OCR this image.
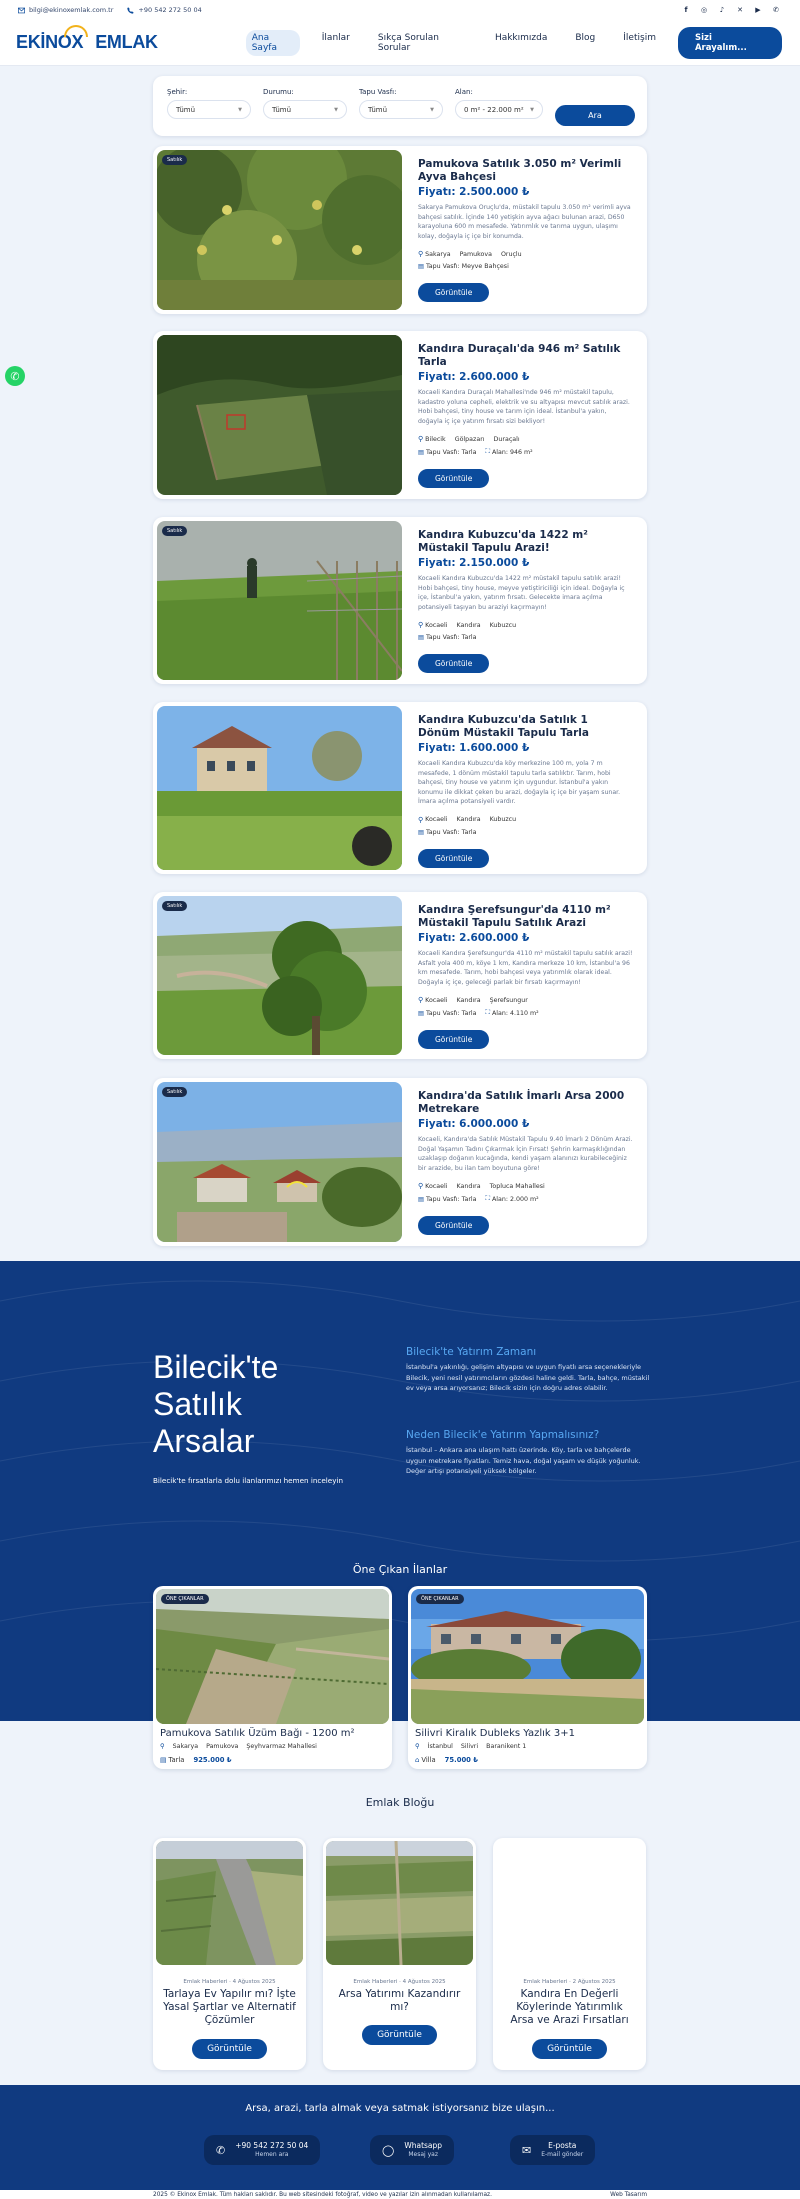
bilgi@ekinoxemlak.com.tr	+90 542 272 50 04	f	◎	♪	✕	▶	✆
EKİNOX EMLAK	Ana Sayfa
İlanlar	Sıkça Sorulan Sorular
Hakkımızda	Blog	İletişim	Sizi Arayalım...
Şehir:
Tümü	▼
Durumu:
Tümü	▼
Tapu Vasfı:
Tümü	▼
Alan:
0 m² - 22.000 m² ▼
Ara
Satılık	Pamukova Satılık 3.050 m² Verimli Ayva Bahçesi
Fiyatı: 2.500.000 ₺
Sakarya Pamukova Oruçlu'da, müstakil tapulu 3.050 m² verimli ayva bahçesi satılık. İçinde 140 yetişkin ayva ağacı bulunan arazi, D650 karayoluna 600 m mesafede. Yatırımlık ve tarıma uygun, ulaşımı kolay, doğayla iç içe bir konumda.
⚲ Sakarya Pamukova Oruçlu
▤ Tapu Vasfı: Meyve Bahçesi
Görüntüle
Kandıra Duraçalı'da 946 m² Satılık Tarla
Fiyatı: 2.600.000 ₺
Kocaeli Kandıra Duraçalı Mahallesi'nde 946 m² müstakil tapulu, kadastro yoluna cepheli, elektrik ve su altyapısı mevcut satılık arazi. Hobi bahçesi, tiny house ve tarım için ideal. İstanbul'a yakın, doğayla iç içe yatırım fırsatı sizi bekliyor!
⚲ Bilecik Gölpazarı Duraçalı
▤ Tapu Vasfı: Tarla ⛶ Alan: 946 m²
Görüntüle
Satılık	Kandıra Kubuzcu'da 1422 m² Müstakil Tapulu Arazi!
Fiyatı: 2.150.000 ₺
Kocaeli Kandıra Kubuzcu'da 1422 m² müstakil tapulu satılık arazi! Hobi bahçesi, tiny house, meyve yetiştiriciliği için ideal. Doğayla iç içe, İstanbul'a yakın, yatırım fırsatı. Gelecekte imara açılma potansiyeli taşıyan bu araziyi kaçırmayın!
⚲ Kocaeli Kandıra Kubuzcu
▤ Tapu Vasfı: Tarla
Görüntüle
Kandıra Kubuzcu'da Satılık 1 Dönüm Müstakil Tapulu Tarla
Fiyatı: 1.600.000 ₺
Kocaeli Kandıra Kubuzcu'da köy merkezine 100 m, yola 7 m mesafede, 1 dönüm müstakil tapulu tarla satılıktır. Tarım, hobi bahçesi, tiny house ve yatırım için uygundur. İstanbul'a yakın konumu ile dikkat çeken bu arazi, doğayla iç içe bir yaşam sunar. İmara açılma potansiyeli vardır.
⚲ Kocaeli Kandıra Kubuzcu
▤ Tapu Vasfı: Tarla
Görüntüle
Satılık	Kandıra Şerefsungur'da 4110 m² Müstakil Tapulu Satılık Arazi
Fiyatı: 2.600.000 ₺
Kocaeli Kandıra Şerefsungur'da 4110 m² müstakil tapulu satılık arazi! Asfalt yola 400 m, köye 1 km, Kandıra merkeze 10 km, İstanbul'a 96 km mesafede. Tarım, hobi bahçesi veya yatırımlık olarak ideal. Doğayla iç içe, geleceği parlak bir fırsatı kaçırmayın!
⚲ Kocaeli Kandıra Şerefsungur
▤ Tapu Vasfı: Tarla ⛶ Alan: 4.110 m²
Görüntüle
Satılık	Kandıra'da Satılık İmarlı Arsa 2000 Metrekare
Fiyatı: 6.000.000 ₺
Kocaeli, Kandıra'da Satılık Müstakil Tapulu 9.40 İmarlı 2 Dönüm Arazi. Doğal Yaşamın Tadını Çıkarmak İçin Fırsat! Şehrin karmaşıklığından uzaklaşıp doğanın kucağında, kendi yaşam alanınızı kurabileceğiniz bir arazide, bu ilan tam boyutuna göre!
⚲ Kocaeli Kandıra Topluca Mahallesi
▤ Tapu Vasfı: Tarla ⛶ Alan: 2.000 m²
Görüntüle
✆
Bilecik'te Satılık Arsalar
Bilecik'te fırsatlarla dolu ilanlarımızı hemen inceleyin
Bilecik'te Yatırım Zamanı

İstanbul'a yakınlığı, gelişim altyapısı ve uygun fiyatlı arsa seçenekleriyle Bilecik, yeni nesil yatırımcıların gözdesi haline geldi. Tarla, bahçe, müstakil ev veya arsa arıyorsanız; Bilecik sizin için doğru adres olabilir.

Neden Bilecik'e Yatırım Yapmalısınız?

İstanbul – Ankara ana ulaşım hattı üzerinde. Köy, tarla ve bahçelerde uygun metrekare fiyatları. Temiz hava, doğal yaşam ve düşük yoğunluk. Değer artışı potansiyeli yüksek bölgeler.

Öne Çıkan İlanlar
ÖNE ÇIKANLAR
Pamukova Satılık Üzüm Bağı - 1200 m²
⚲ Sakarya Pamukova Şeyhvarmaz Mahallesi
▤ Tarla 925.000 ₺
ÖNE ÇIKANLAR
Silivri Kiralık Dubleks Yazlık 3+1
⚲ İstanbul Silivri Baranikent 1
⌂ Villa 75.000 ₺
Emlak Bloğu
Emlak Haberleri · 4 Ağustos 2025
Tarlaya Ev Yapılır mı? İşte Yasal Şartlar ve Alternatif Çözümler
Görüntüle
Emlak Haberleri · 4 Ağustos 2025
Arsa Yatırımı Kazandırır mı?
Görüntüle
Emlak Haberleri · 2 Ağustos 2025
Kandıra En Değerli Köylerinde Yatırımlık Arsa ve Arazi Fırsatları
Görüntüle
Arsa, arazi, tarla almak veya satmak istiyorsanız bize ulaşın...
✆ +90 542 272 50 04
Hemen ara	◯ Whatsapp
Mesaj yaz	✉	E-posta
E-mail gönder
2025 © Ekinox Emlak. Tüm hakları saklıdır. Bu web sitesindeki fotoğraf, video ve yazılar izin alınmadan kullanılamaz.	Web Tasarım
